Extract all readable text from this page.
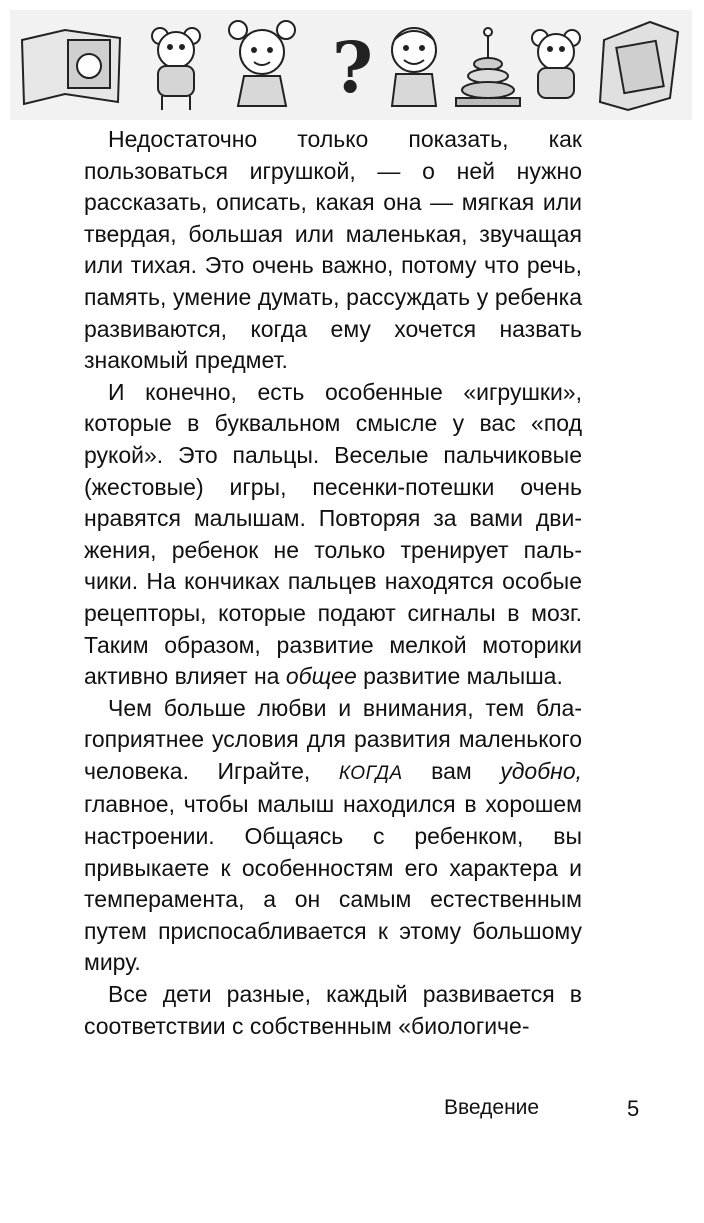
?

Недостаточно только показать, как пользоваться игрушкой, — о ней нужно рассказать, описать, какая она — мягкая или твердая, большая или маленькая, звучащая или тихая. Это очень важно, потому что речь, память, умение думать, рассуждать у ребенка развиваются, когда ему хочется назвать знакомый предмет.

И конечно, есть особенные «игрушки», которые в буквальном смысле у вас «под рукой». Это пальцы. Веселые пальчиковые (жестовые) игры, песенки-потешки очень нравятся малышам. Повторяя за вами движения, ребенок не только тренирует пальчики. На кончиках пальцев находятся особые рецепторы, которые подают сигналы в мозг. Таким образом, развитие мелкой моторики активно влияет на общее развитие малыша.

Чем больше любви и внимания, тем благоприятнее условия для развития маленького человека. Играйте, КОГДА вам удобно, главное, чтобы малыш находился в хорошем настроении. Общаясь с ребенком, вы привыкаете к особенностям его характера и темперамента, а он самым естественным путем приспосабливается к этому большому миру.

Все дети разные, каждый развивается в соответствии с собственным «биологиче-

Введение	5
